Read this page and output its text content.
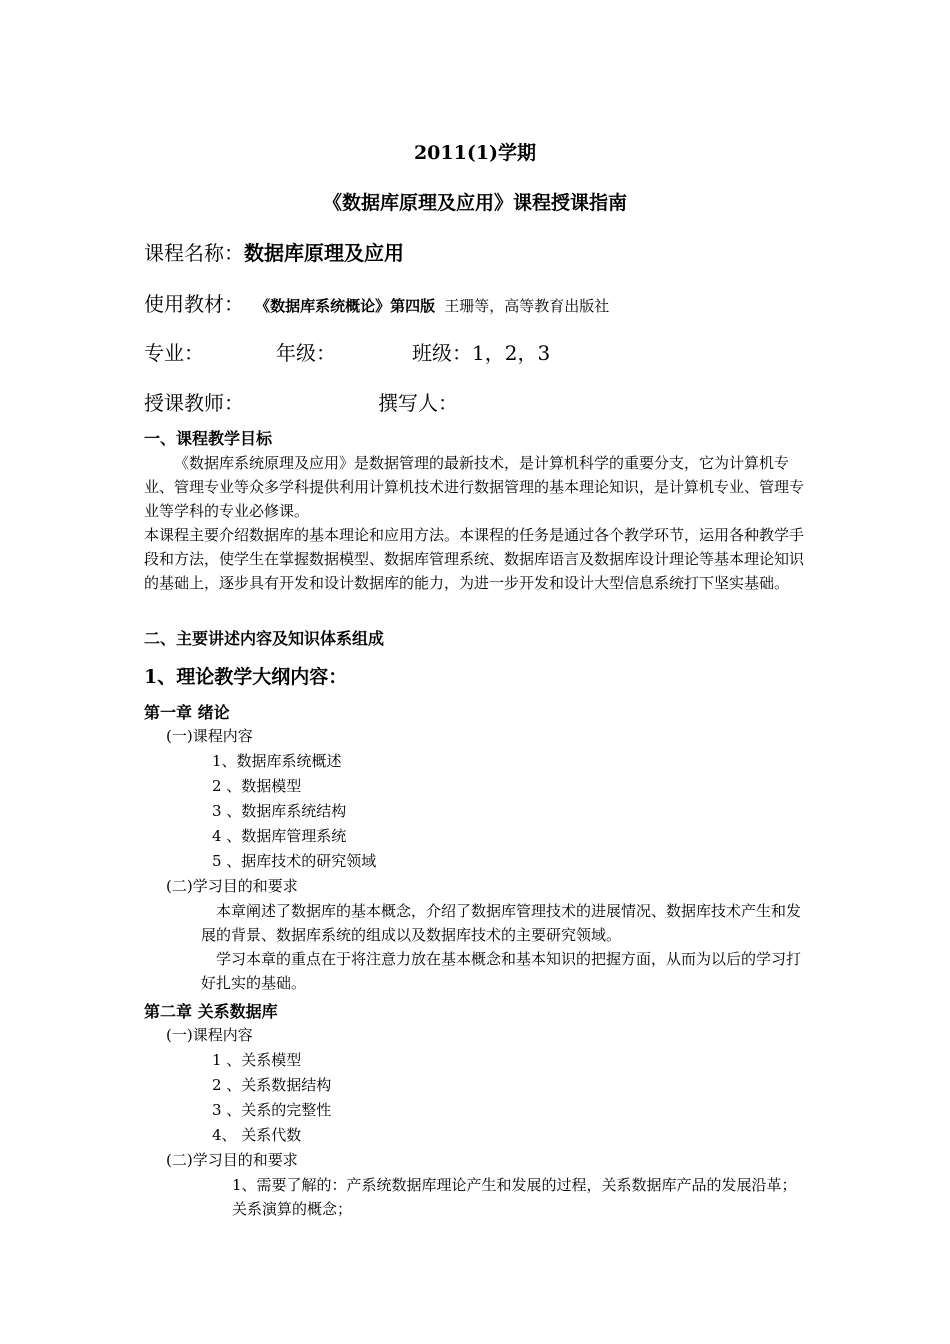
2011(1)学期
《数据库原理及应用》课程授课指南
课程名称：数据库原理及应用
使用教材： 《数据库系统概论》第四版 王珊等，高等教育出版社
专业：	年级：	班级：1，2，3
授课教师：	撰写人：
一、课程教学目标

《数据库系统原理及应用》是数据管理的最新技术，是计算机科学的重要分支，它为计算机专业、管理专业等众多学科提供利用计算机技术进行数据管理的基本理论知识，是计算机专业、管理专业等学科的专业必修课。

本课程主要介绍数据库的基本理论和应用方法。本课程的任务是通过各个教学环节，运用各种教学手段和方法，使学生在掌握数据模型、数据库管理系统、数据库语言及数据库设计理论等基本理论知识的基础上，逐步具有开发和设计数据库的能力，为进一步开发和设计大型信息系统打下坚实基础。

二、主要讲述内容及知识体系组成
1、理论教学大纲内容：
第一章 绪论
(一)课程内容
1、数据库系统概述
2 、数据模型
3 、数据库系统结构
4 、数据库管理系统
5 、据库技术的研究领域
(二)学习目的和要求

本章阐述了数据库的基本概念，介绍了数据库管理技术的进展情况、数据库技术产生和发展的背景、数据库系统的组成以及数据库技术的主要研究领域。

学习本章的重点在于将注意力放在基本概念和基本知识的把握方面，从而为以后的学习打好扎实的基础。

第二章 关系数据库
(一)课程内容
1 、关系模型
2 、关系数据结构
3 、关系的完整性
4、 关系代数
(二)学习目的和要求

1、需要了解的：产系统数据库理论产生和发展的过程，关系数据库产品的发展沿革；关系演算的概念；
